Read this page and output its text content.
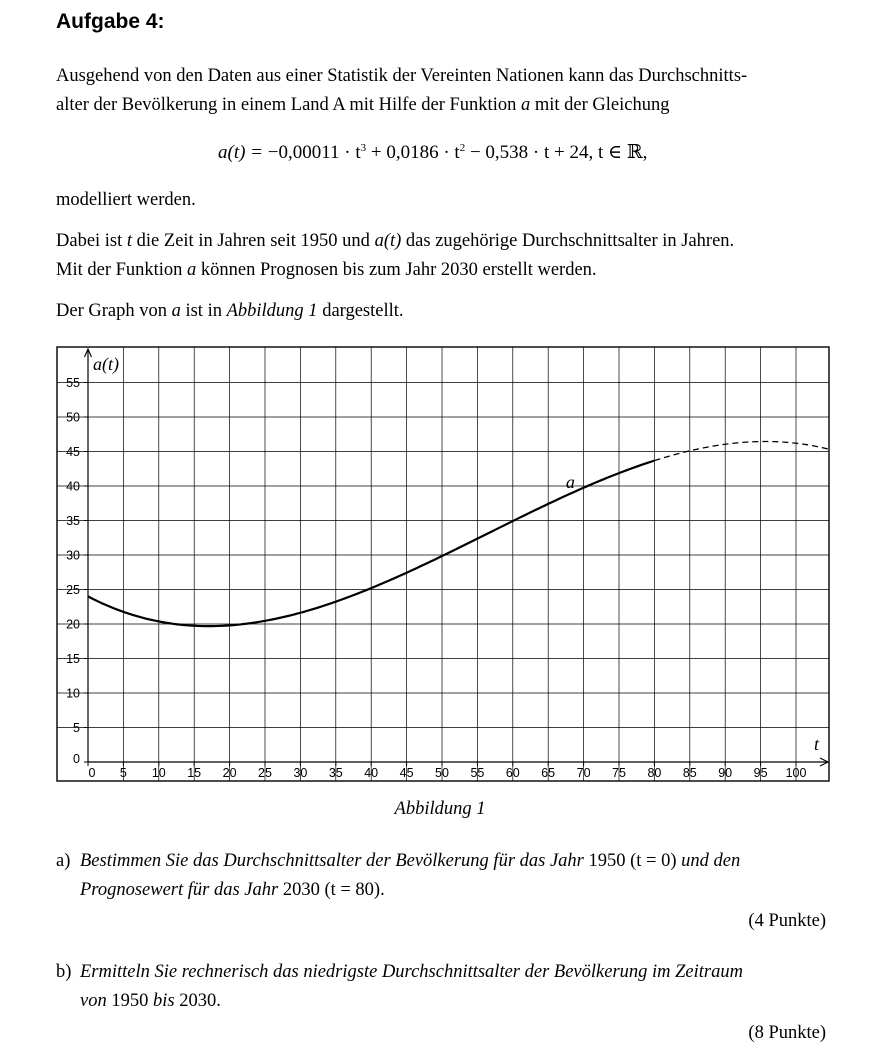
Aufgabe 4:
Ausgehend von den Daten aus einer Statistik der Vereinten Nationen kann das Durchschnitts-
alter der Bevölkerung in einem Land A mit Hilfe der Funktion a mit der Gleichung
$a(t) = -0,00011 \cdot t^3 + 0,0186 \cdot t^2 - 0,538 \cdot t + 24$, t ∈ ℝ,
modelliert werden.
Dabei ist t die Zeit in Jahren seit 1950 und a(t) das zugehörige Durchschnittsalter in Jahren.
Mit der Funktion a können Prognosen bis zum Jahr 2030 erstellt werden.
Der Graph von a ist in Abbildung 1 dargestellt.
0 5 10 15 20 25 30 35 40 45 50 55 60 65 70 75 80 85 90 95 100
0
5
10
15
20
25
30
35
40
45
50
55
a(t)
t
a
Abbildung 1
a) Bestimmen Sie das Durchschnittsalter der Bevölkerung für das Jahr 1950 (t = 0) und den
Prognosewert für das Jahr 2030 (t = 80).
(4 Punkte)
b) Ermitteln Sie rechnerisch das niedrigste Durchschnittsalter der Bevölkerung im Zeitraum
von 1950 bis 2030.
(8 Punkte)
